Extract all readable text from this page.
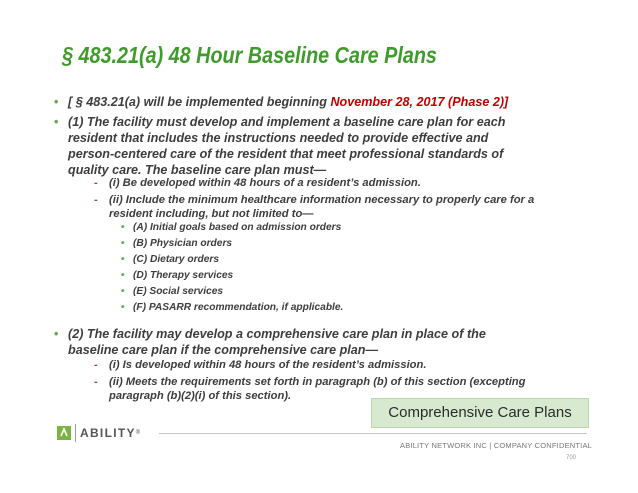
§ 483.21(a) 48 Hour Baseline Care Plans
• [ § 483.21(a) will be implemented beginning November 28, 2017 (Phase 2)]
• (1) The facility must develop and implement a baseline care plan for each
resident that includes the instructions needed to provide effective and
person-centered care of the resident that meet professional standards of
quality care. The baseline care plan must—
- (i) Be developed within 48 hours of a resident’s admission.
- (ii) Include the minimum healthcare information necessary to properly care for a
resident including, but not limited to—
• (A) Initial goals based on admission orders
• (B) Physician orders
• (C) Dietary orders
• (D) Therapy services
• (E) Social services
• (F) PASARR recommendation, if applicable.
• (2) The facility may develop a comprehensive care plan in place of the
baseline care plan if the comprehensive care plan—
- (i) Is developed within 48 hours of the resident’s admission.
- (ii) Meets the requirements set forth in paragraph (b) of this section (excepting
paragraph (b)(2)(i) of this section).
Comprehensive Care Plans
ABILITY ®
ABILITY NETWORK INC | COMPANY CONFIDENTIAL
700
